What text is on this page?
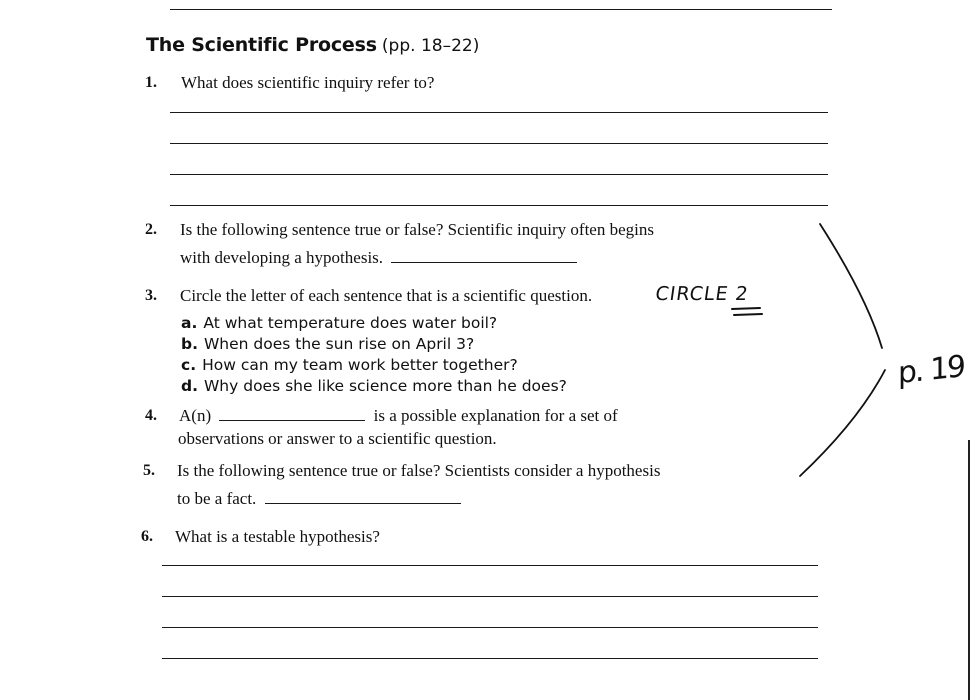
The Scientific Process (pp. 18–22)
1. What does scientific inquiry refer to?
2. Is the following sentence true or false? Scientific inquiry often begins
with developing a hypothesis.
3. Circle the letter of each sentence that is a scientific question.
a. At what temperature does water boil?
b. When does the sun rise on April 3?
c. How can my team work better together?
d. Why does she like science more than he does?
4. A(n)	is a possible explanation for a set of
observations or answer to a scientific question.
5. Is the following sentence true or false? Scientists consider a hypothesis
to be a fact.
6. What is a testable hypothesis?
CIRCLE 2
p. 19
